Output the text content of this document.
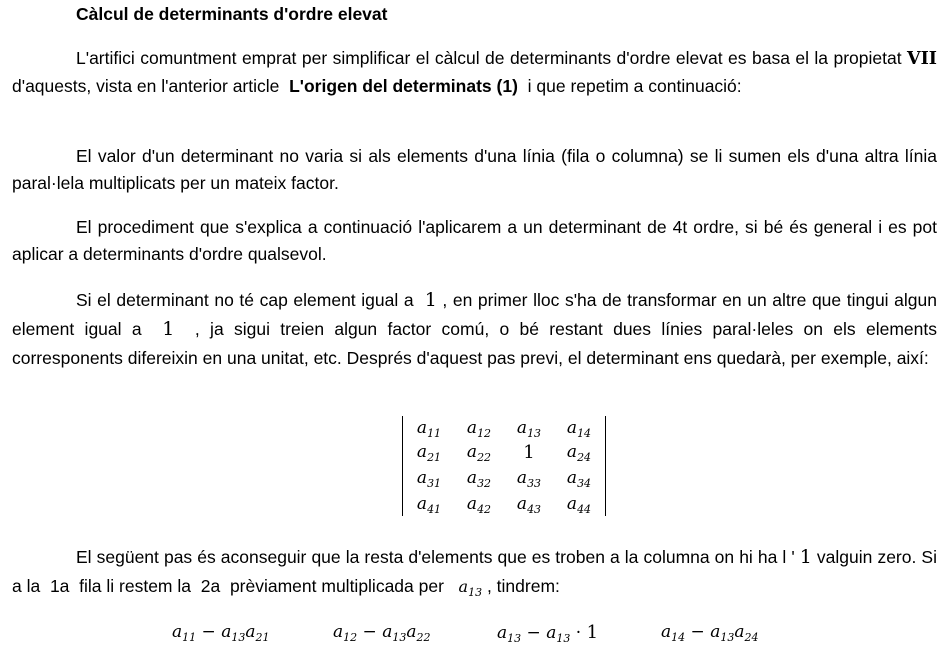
Càlcul de determinants d'ordre elevat
L'artifici comuntment emprat per simplificar el càlcul de determinants d'ordre elevat es basa el la propietat VII d'aquests, vista en l'anterior article L'origen del determinats (1) i que repetim a continuació:
El valor d'un determinant no varia si als elements d'una línia (fila o columna) se li sumen els d'una altra línia paral·lela multiplicats per un mateix factor.
El procediment que s'explica a continuació l'aplicarem a un determinant de 4t ordre, si bé és general i es pot aplicar a determinants d'ordre qualsevol.
Si el determinant no té cap element igual a 1 , en primer lloc s'ha de transformar en un altre que tingui algun element igual a 1 , ja sigui treien algun factor comú, o bé restant dues línies paral·leles on els elements corresponents difereixin en una unitat, etc. Després d'aquest pas previ, el determinant ens quedarà, per exemple, així:
$a_{11}$	$a_{12}$	$a_{13}$	$a_{14}$
$a_{21}$	$a_{22}$	1	$a_{24}$
$a_{31}$	$a_{32}$	$a_{33}$	$a_{34}$
$a_{41}$	$a_{42}$	$a_{43}$	$a_{44}$
El següent pas és aconseguir que la resta d'elements que es troben a la columna on hi ha l ' 1 valguin zero. Si a la 1a fila li restem la 2a prèviament multiplicada per $a_{13}$ , tindrem:
$a_{11} - a_{13}a_{21}$	$a_{12} - a_{13}a_{22}$	$a_{13} - a_{13} \cdot 1$	$a_{14} - a_{13}a_{24}$
